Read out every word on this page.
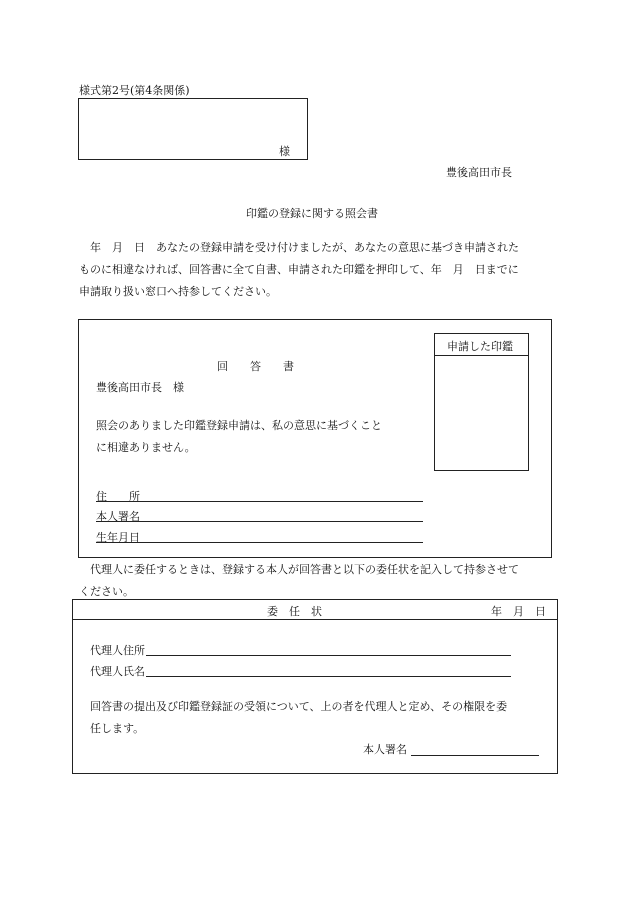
様式第2号(第4条関係)
様
豊後高田市長
印鑑の登録に関する照会書
年　月　日　あなたの登録申請を受け付けましたが、あなたの意思に基づき申請された
ものに相違なければ、回答書に全て自書、申請された印鑑を押印して、年　月　日までに
申請取り扱い窓口へ持参してください。
回　　答　　書
豊後高田市長　様
照会のありました印鑑登録申請は、私の意思に基づくこと
に相違ありません。
住　　所
本人署名
生年月日
申請した印鑑
代理人に委任するときは、登録する本人が回答書と以下の委任状を記入して持参させて
ください。
委　任　状	年　月　日
代理人住所
代理人氏名
回答書の提出及び印鑑登録証の受領について、上の者を代理人と定め、その権限を委
任します。
本人署名
